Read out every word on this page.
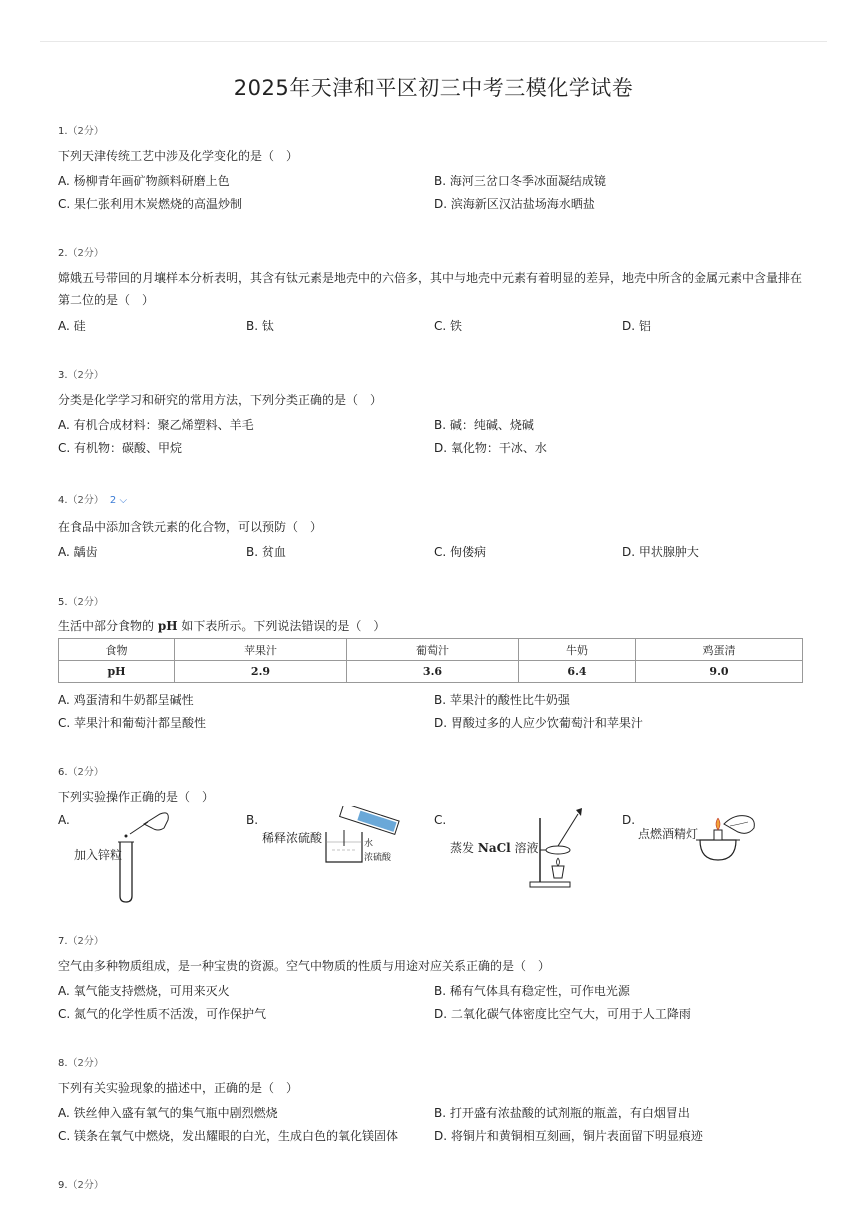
2025年天津和平区初三中考三模化学试卷
1.（2分）
下列天津传统工艺中涉及化学变化的是（　）
A. 杨柳青年画矿物颜料研磨上色	B. 海河三岔口冬季冰面凝结成镜
C. 果仁张利用木炭燃烧的高温炒制	D. 滨海新区汉沽盐场海水晒盐
2.（2分）
嫦娥五号带回的月壤样本分析表明，其含有钛元素是地壳中的六倍多，其中与地壳中元素有着明显的差异，地壳中所含的金属元素中含量排在第二位的是（　）
A. 硅	B. 钛	C. 铁	D. 铝
3.（2分）
分类是化学学习和研究的常用方法，下列分类正确的是（　）
A. 有机合成材料：聚乙烯塑料、羊毛	B. 碱：纯碱、烧碱
C. 有机物：碳酸、甲烷	D. 氧化物：干冰、水
4.（2分） 2 ⌵
在食品中添加含铁元素的化合物，可以预防（　）
A. 龋齿	B. 贫血	C. 佝偻病	D. 甲状腺肿大
5.（2分）
生活中部分食物的 pH 如下表所示。下列说法错误的是（　）
食物	苹果汁	葡萄汁	牛奶	鸡蛋清
pH	2.9	3.6	6.4	9.0
A. 鸡蛋清和牛奶都呈碱性	B. 苹果汁的酸性比牛奶强
C. 苹果汁和葡萄汁都呈酸性	D. 胃酸过多的人应少饮葡萄汁和苹果汁
6.（2分）
下列实验操作正确的是（　）
A.	B.	C.	D.
加入锌粒
稀释浓硫酸	水
浓硫酸
蒸发 NaCl 溶液
点燃酒精灯
7.（2分）
空气由多种物质组成，是一种宝贵的资源。空气中物质的性质与用途对应关系正确的是（　）
A. 氧气能支持燃烧，可用来灭火	B. 稀有气体具有稳定性，可作电光源
C. 氮气的化学性质不活泼，可作保护气	D. 二氧化碳气体密度比空气大，可用于人工降雨
8.（2分）
下列有关实验现象的描述中，正确的是（　）
A. 铁丝伸入盛有氧气的集气瓶中剧烈燃烧	B. 打开盛有浓盐酸的试剂瓶的瓶盖，有白烟冒出
C. 镁条在氧气中燃烧，发出耀眼的白光，生成白色的氧化镁固体	D. 将铜片和黄铜相互刻画，铜片表面留下明显痕迹
9.（2分）
